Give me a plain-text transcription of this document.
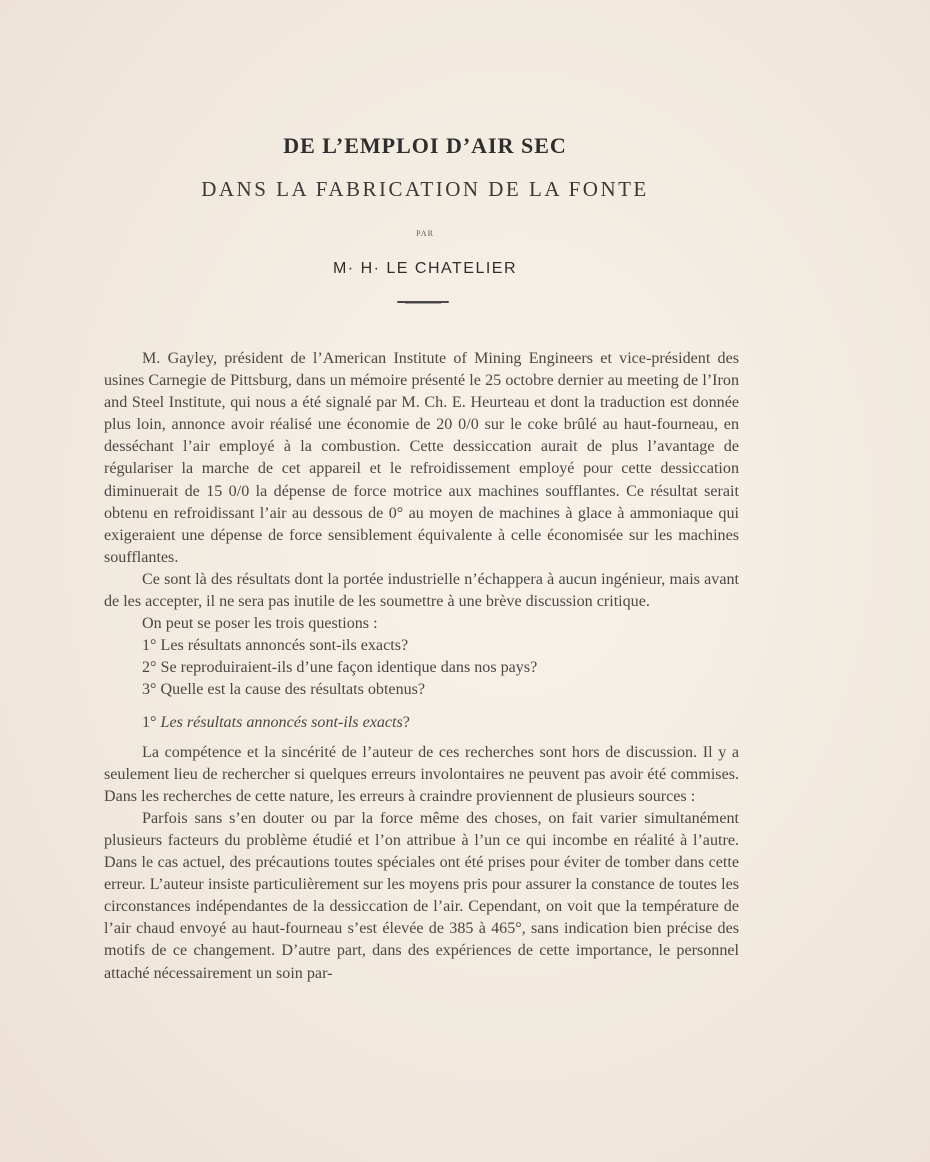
DE L’EMPLOI D’AIR SEC
DANS LA FABRICATION DE LA FONTE
PAR
M· H· LE CHATELIER

M. Gayley, président de l’American Institute of Mining Engineers et vice-président des usines Carnegie de Pittsburg, dans un mémoire présenté le 25 octobre dernier au meeting de l’Iron and Steel Institute, qui nous a été signalé par M. Ch. E. Heurteau et dont la traduction est donnée plus loin, annonce avoir réalisé une économie de 20 0/0 sur le coke brûlé au haut-fourneau, en desséchant l’air employé à la combustion. Cette dessiccation aurait de plus l’avantage de régulariser la marche de cet appareil et le refroidissement employé pour cette dessiccation diminuerait de 15 0/0 la dépense de force motrice aux machines soufflantes. Ce résultat serait obtenu en refroidissant l’air au dessous de 0° au moyen de machines à glace à ammoniaque qui exigeraient une dépense de force sensiblement équivalente à celle économisée sur les machines soufflantes.

Ce sont là des résultats dont la portée industrielle n’échappera à aucun ingénieur, mais avant de les accepter, il ne sera pas inutile de les soumettre à une brève discussion critique.

On peut se poser les trois questions :

1° Les résultats annoncés sont-ils exacts?

2° Se reproduiraient-ils d’une façon identique dans nos pays?

3° Quelle est la cause des résultats obtenus?

1° Les résultats annoncés sont-ils exacts?

La compétence et la sincérité de l’auteur de ces recherches sont hors de discussion. Il y a seulement lieu de rechercher si quelques erreurs involontaires ne peuvent pas avoir été commises. Dans les recherches de cette nature, les erreurs à craindre proviennent de plusieurs sources :

Parfois sans s’en douter ou par la force même des choses, on fait varier simultanément plusieurs facteurs du problème étudié et l’on attribue à l’un ce qui incombe en réalité à l’autre. Dans le cas actuel, des précautions toutes spéciales ont été prises pour éviter de tomber dans cette erreur. L’auteur insiste particulièrement sur les moyens pris pour assurer la constance de toutes les circonstances indépendantes de la dessiccation de l’air. Cependant, on voit que la température de l’air chaud envoyé au haut-fourneau s’est élevée de 385 à 465°, sans indication bien précise des motifs de ce changement. D’autre part, dans des expériences de cette importance, le personnel attaché nécessairement un soin par-
